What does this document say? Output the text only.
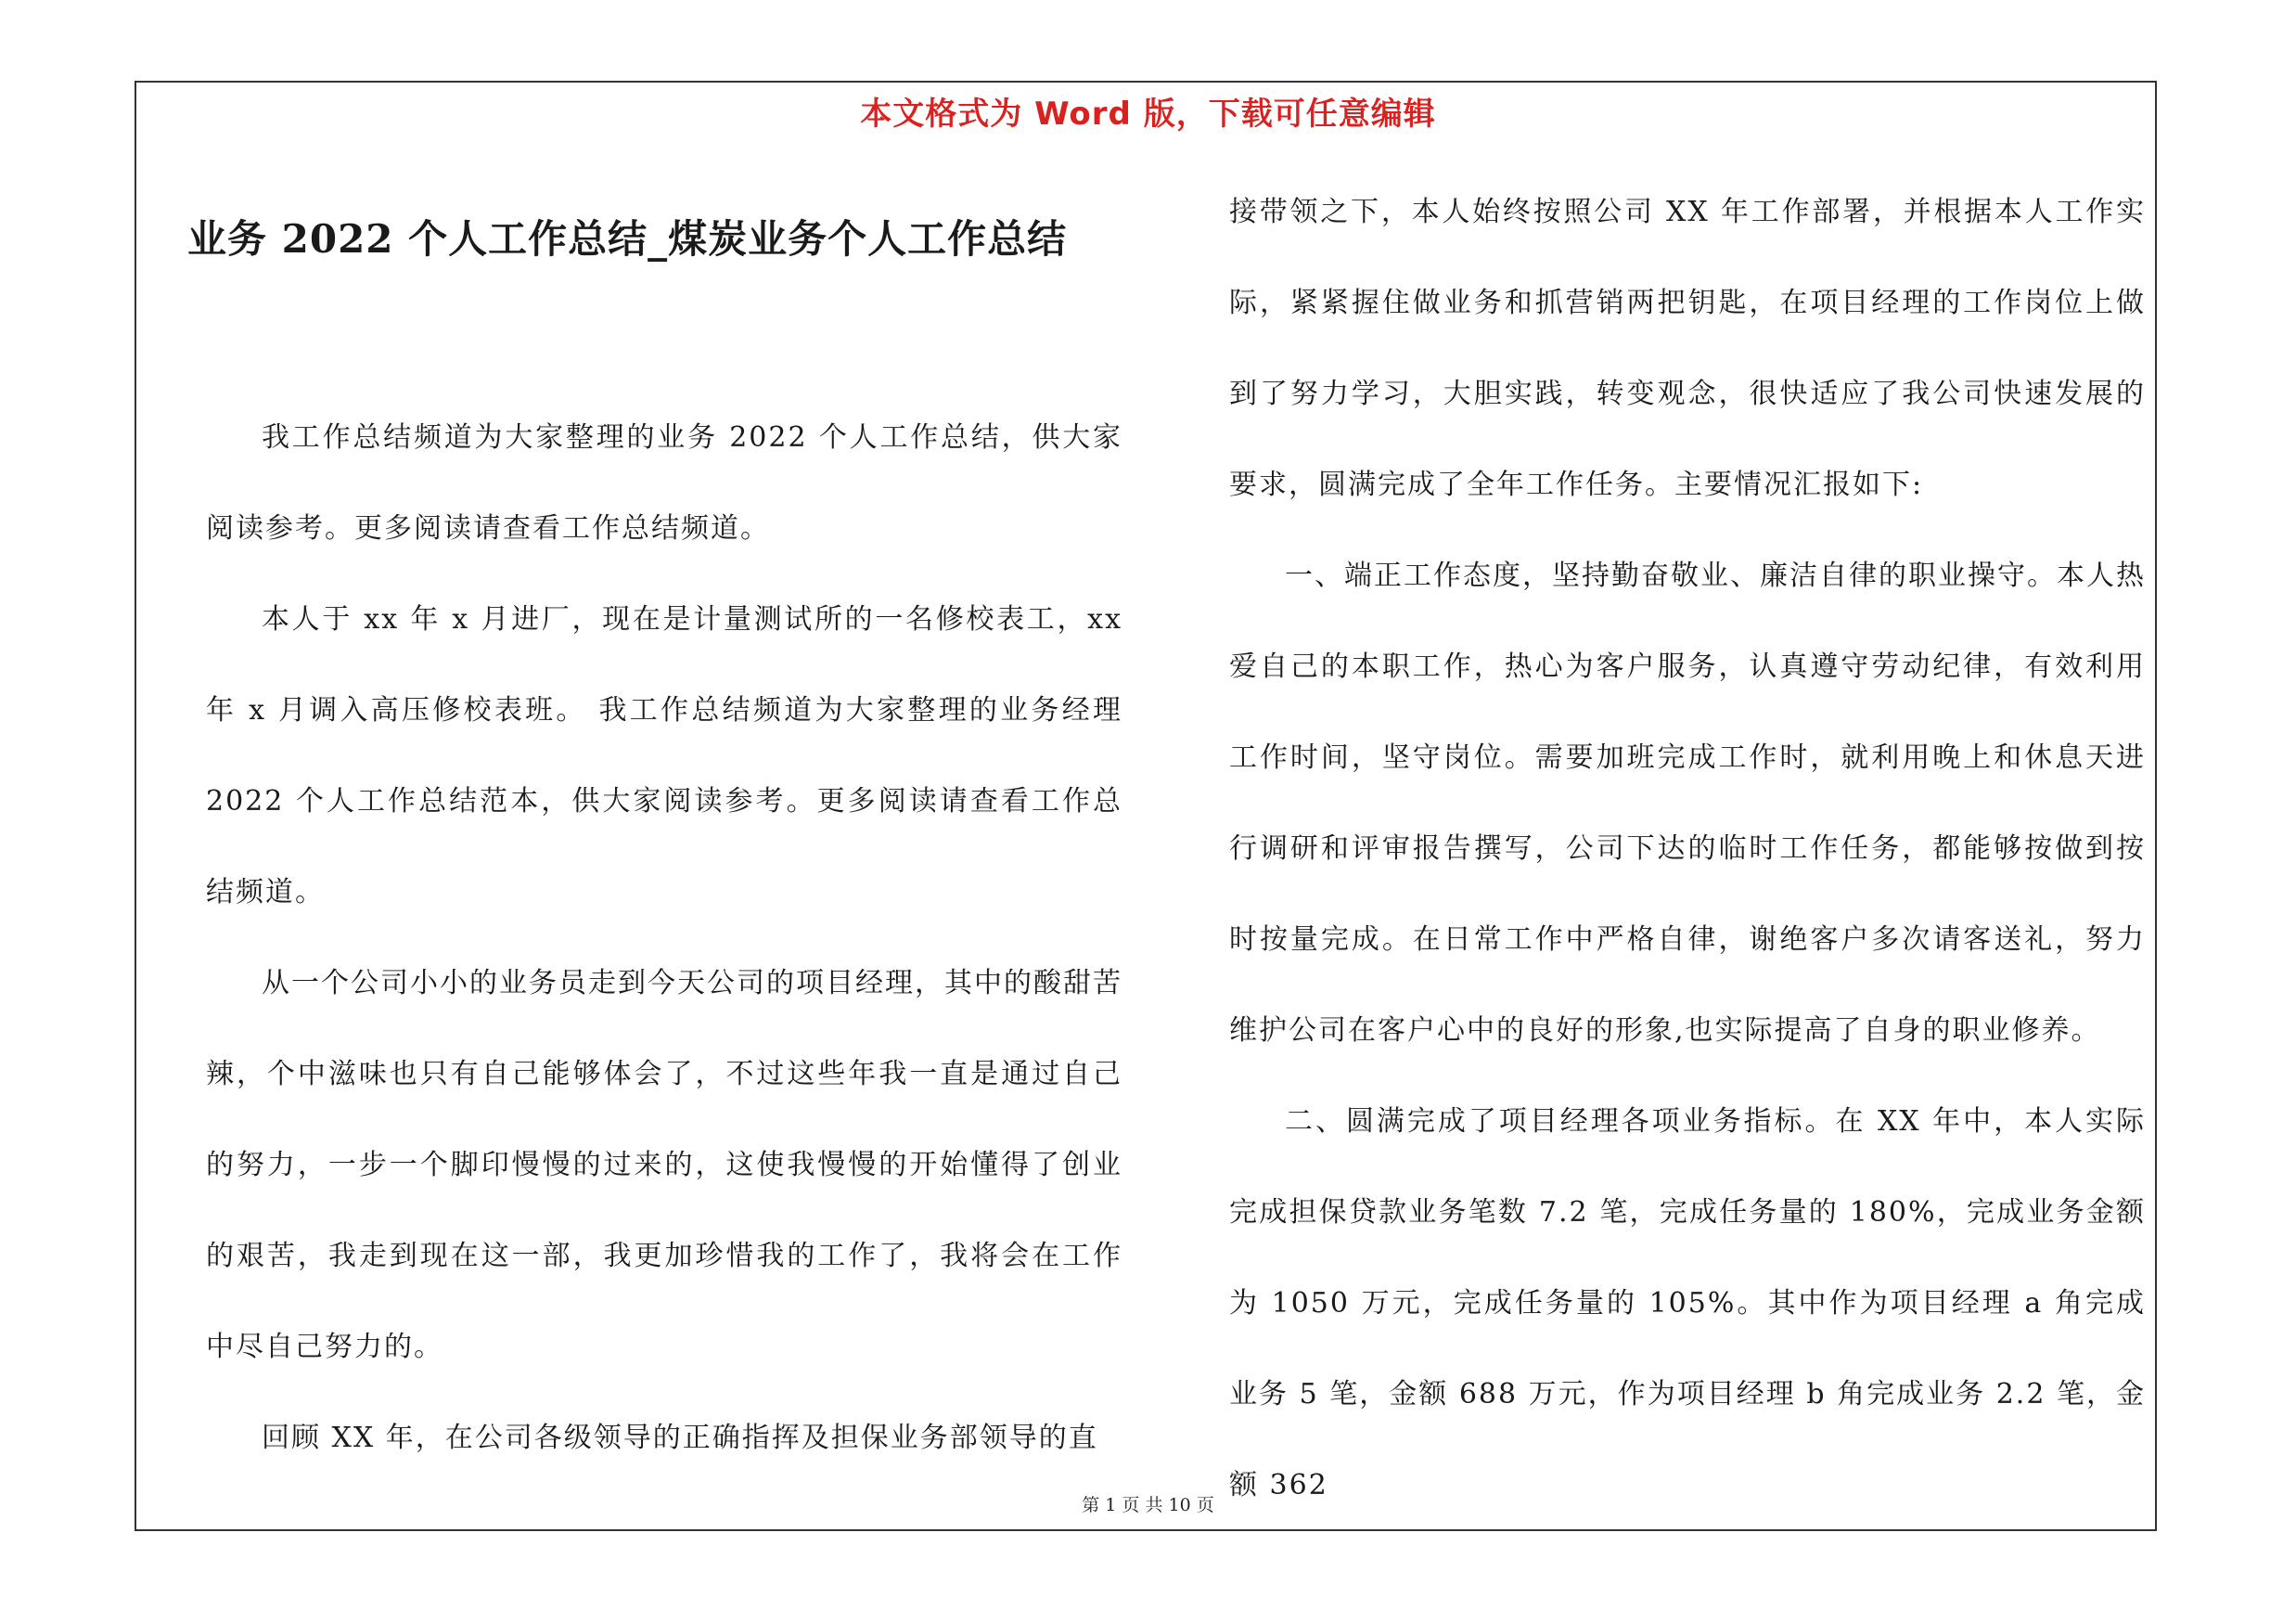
本文格式为 Word 版，下载可任意编辑
业务 2022 个人工作总结_煤炭业务个人工作总结

我工作总结频道为大家整理的业务 2022 个人工作总结，供大家阅读参考。更多阅读请查看工作总结频道。

本人于 xx 年 x 月进厂，现在是计量测试所的一名修校表工，xx 年 x 月调入高压修校表班。 我工作总结频道为大家整理的业务经理 2022 个人工作总结范本，供大家阅读参考。更多阅读请查看工作总结频道。

从一个公司小小的业务员走到今天公司的项目经理，其中的酸甜苦辣，个中滋味也只有自己能够体会了，不过这些年我一直是通过自己的努力，一步一个脚印慢慢的过来的，这使我慢慢的开始懂得了创业的艰苦，我走到现在这一部，我更加珍惜我的工作了，我将会在工作中尽自己努力的。

回顾 XX 年，在公司各级领导的正确指挥及担保业务部领导的直

接带领之下，本人始终按照公司 XX 年工作部署，并根据本人工作实际，紧紧握住做业务和抓营销两把钥匙，在项目经理的工作岗位上做到了努力学习，大胆实践，转变观念，很快适应了我公司快速发展的要求，圆满完成了全年工作任务。主要情况汇报如下:

一、端正工作态度，坚持勤奋敬业、廉洁自律的职业操守。本人热爱自己的本职工作，热心为客户服务，认真遵守劳动纪律，有效利用工作时间，坚守岗位。需要加班完成工作时，就利用晚上和休息天进行调研和评审报告撰写，公司下达的临时工作任务，都能够按做到按时按量完成。在日常工作中严格自律，谢绝客户多次请客送礼，努力维护公司在客户心中的良好的形象,也实际提高了自身的职业修养。

二、圆满完成了项目经理各项业务指标。在 XX 年中，本人实际完成担保贷款业务笔数 7.2 笔，完成任务量的 180%，完成业务金额为 1050 万元，完成任务量的 105%。其中作为项目经理 a 角完成业务 5 笔，金额 688 万元，作为项目经理 b 角完成业务 2.2 笔，金额 362

第 1 页 共 10 页
